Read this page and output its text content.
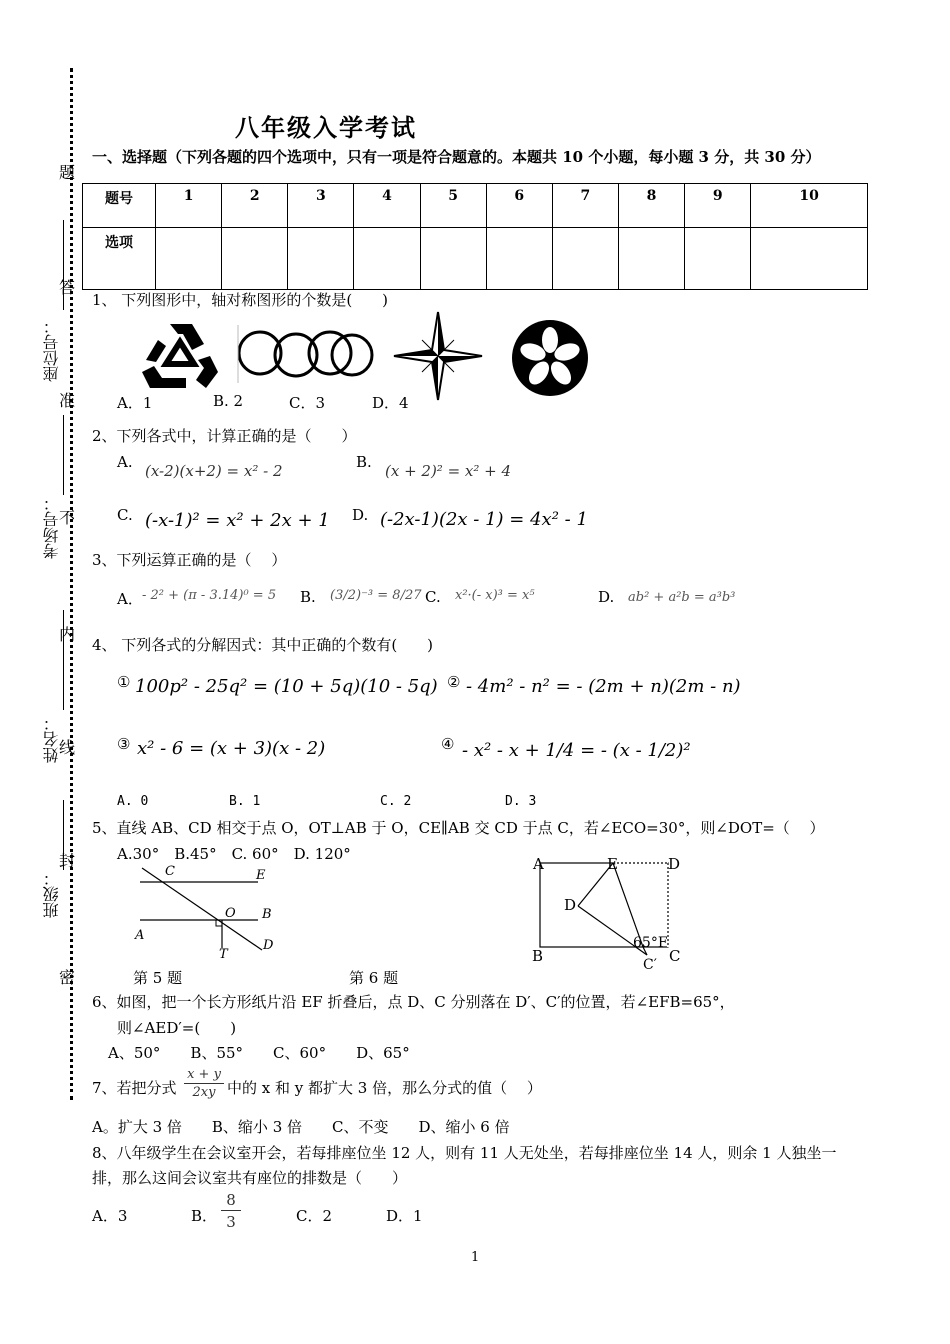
题
答
准
不
内
线
封
密
座位号：
考场号：
姓名：
班级：
八年级入学考试
一、选择题（下列各题的四个选项中，只有一项是符合题意的。本题共 10 个小题，每小题 3 分，共 30 分）
题号	1	2	3	4	5	6	7	8	9	10
选项										
1、 下列图形中，轴对称图形的个数是(　　)
A．1	B. 2	C．3	D．4
2、下列各式中，计算正确的是（　　）
A. (x-2)(x+2) = x² - 2	B. (x + 2)² = x² + 4
C. (-x-1)² = x² + 2x + 1 D. (-2x-1)(2x - 1) = 4x² - 1
3、下列运算正确的是（　 ）
A． - 2² + (π - 3.14)⁰ = 5 B. (3/2)⁻³ = 8/27 C. x²·(- x)³ = x⁵	D. ab² + a²b = a³b³
4、 下列各式的分解因式：其中正确的个数有(　　)
① 100p² - 25q² = (10 + 5q)(10 - 5q) ② - 4m² - n² = - (2m + n)(2m - n)
③ x² - 6 = (x + 3)(x - 2)	④ - x² - x + 1/4 = - (x - 1/2)²
A. 0	B. 1	C. 2	D. 3
5、直线 AB、CD 相交于点 O，OT⊥AB 于 O，CE∥AB 交 CD 于点 C，若∠ECO=30°，则∠DOT=（　 ）
A.30°　B.45°　C. 60°　D. 120°
C	E
O B
A
T
D
第 5 题
A	E	D
D
B	C
65°F
C′
第 6 题
6、如图，把一个长方形纸片沿 EF 折叠后，点 D、C 分别落在 D′、C′的位置，若∠EFB=65°，
则∠AED′=(　　)
A、50°　　B、55°　　C、60°　　D、65°
7、若把分式 $\frac{x + y}{2xy}$ 中的 x 和 y 都扩大 3 倍，那么分式的值（　 ）
A。扩大 3 倍　　B、缩小 3 倍　　C、不变　　D、缩小 6 倍
8、八年级学生在会议室开会，若每排座位坐 12 人，则有 11 人无处坐，若每排座位坐 14 人，则余 1 人独坐一
排，那么这间会议室共有座位的排数是（　　）
A．3	B． $\frac{8}{3}$	C．2	D．1
1
